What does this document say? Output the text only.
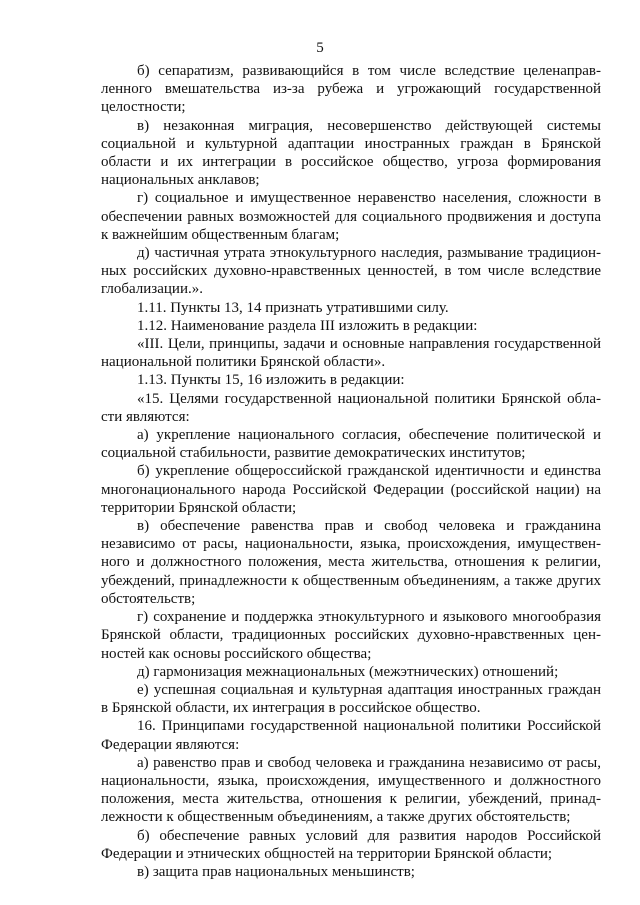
5

б) сепаратизм, развивающийся в том числе вследствие целенаправленного вмешательства из-за рубежа и угрожающий государственной целостности;

в) незаконная миграция, несовершенство действующей системы социальной и культурной адаптации иностранных граждан в Брянской области и их интеграции в российское общество, угроза формирования национальных анклавов;

г) социальное и имущественное неравенство населения, сложности в обеспечении равных возможностей для социального продвижения и доступа к важнейшим общественным благам;

д) частичная утрата этнокультурного наследия, размывание традиционных российских духовно-нравственных ценностей, в том числе вследствие глобализации.».

1.11. Пункты 13, 14 признать утратившими силу.

1.12. Наименование раздела III изложить в редакции:

«III. Цели, принципы, задачи и основные направления государственной национальной политики Брянской области».

1.13. Пункты 15, 16 изложить в редакции:

«15. Целями государственной национальной политики Брянской области являются:

а) укрепление национального согласия, обеспечение политической и социальной стабильности, развитие демократических институтов;

б) укрепление общероссийской гражданской идентичности и единства многонационального народа Российской Федерации (российской нации) на территории Брянской области;

в) обеспечение равенства прав и свобод человека и гражданина независимо от расы, национальности, языка, происхождения, имущественного и должностного положения, места жительства, отношения к религии, убеждений, принадлежности к общественным объединениям, а также других обстоятельств;

г) сохранение и поддержка этнокультурного и языкового многообразия Брянской области, традиционных российских духовно-нравственных ценностей как основы российского общества;

д) гармонизация межнациональных (межэтнических) отношений;

е) успешная социальная и культурная адаптация иностранных граждан в Брянской области, их интеграция в российское общество.

16. Принципами государственной национальной политики Российской Федерации являются:

а) равенство прав и свобод человека и гражданина независимо от расы, национальности, языка, происхождения, имущественного и должностного положения, места жительства, отношения к религии, убеждений, принадлежности к общественным объединениям, а также других обстоятельств;

б) обеспечение равных условий для развития народов Российской Федерации и этнических общностей на территории Брянской области;

в) защита прав национальных меньшинств;
